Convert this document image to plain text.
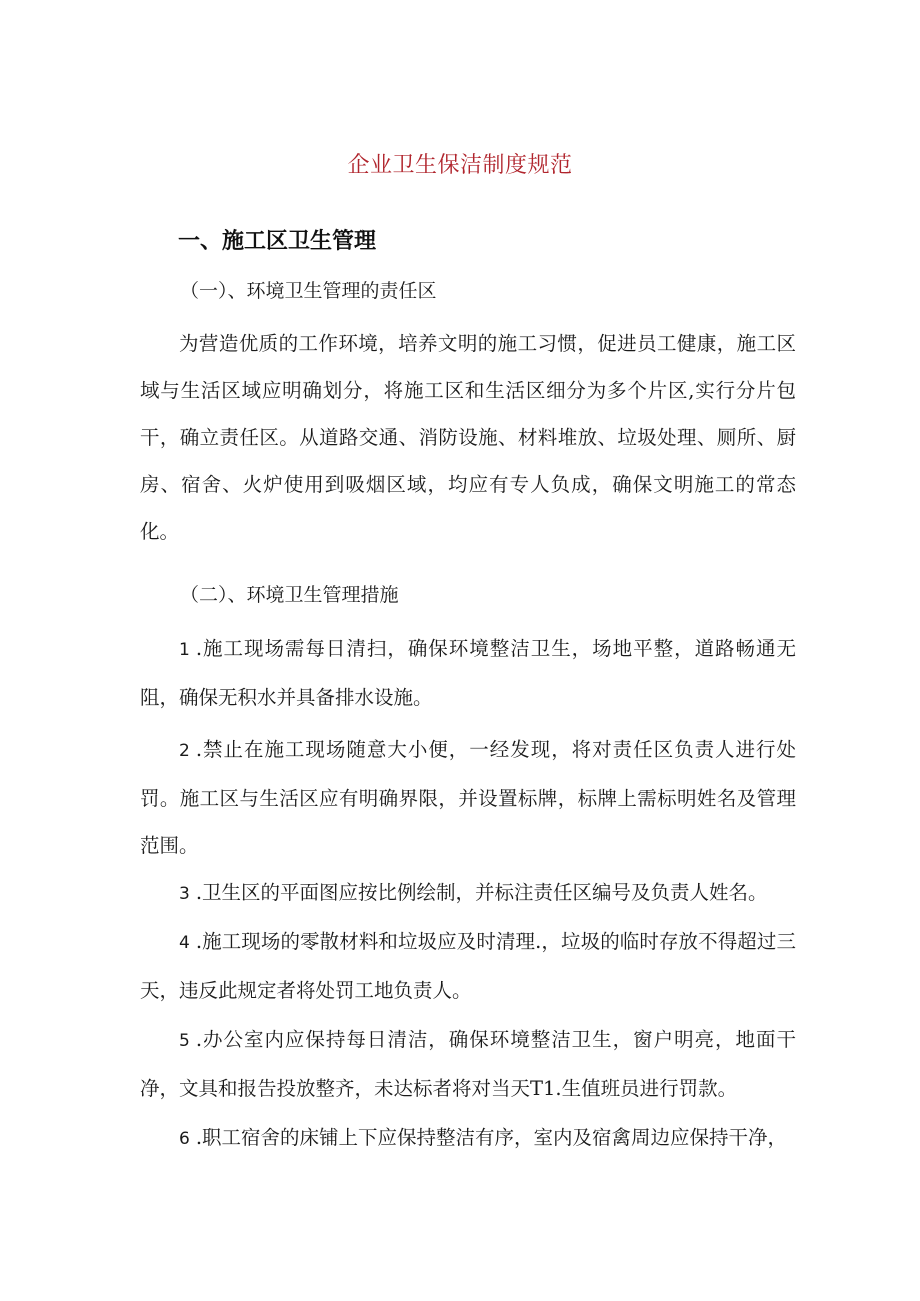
企业卫生保洁制度规范
一、施工区卫生管理
（一）、环境卫生管理的责任区

为营造优质的工作环境，培养文明的施工习惯，促进员工健康，施工区域与生活区域应明确划分，将施工区和生活区细分为多个片区,实行分片包干，确立责任区。从道路交通、消防设施、材料堆放、垃圾处理、厕所、厨房、宿舍、火炉使用到吸烟区域，均应有专人负成，确保文明施工的常态化。

（二）、环境卫生管理措施

1 .施工现场需每日清扫，确保环境整洁卫生，场地平整，道路畅通无阻，确保无积水并具备排水设施。

2 .禁止在施工现场随意大小便，一经发现，将对责任区负责人进行处罚。施工区与生活区应有明确界限，并设置标牌，标牌上需标明姓名及管理范围。

3 .卫生区的平面图应按比例绘制，并标注责任区编号及负责人姓名。

4 .施工现场的零散材料和垃圾应及时清理.，垃圾的临时存放不得超过三天，违反此规定者将处罚工地负责人。

5 .办公室内应保持每日清洁，确保环境整洁卫生，窗户明亮，地面干净，文具和报告投放整齐，未达标者将对当天T1.生值班员进行罚款。

6 .职工宿舍的床铺上下应保持整洁有序，室内及宿禽周边应保持干净，
